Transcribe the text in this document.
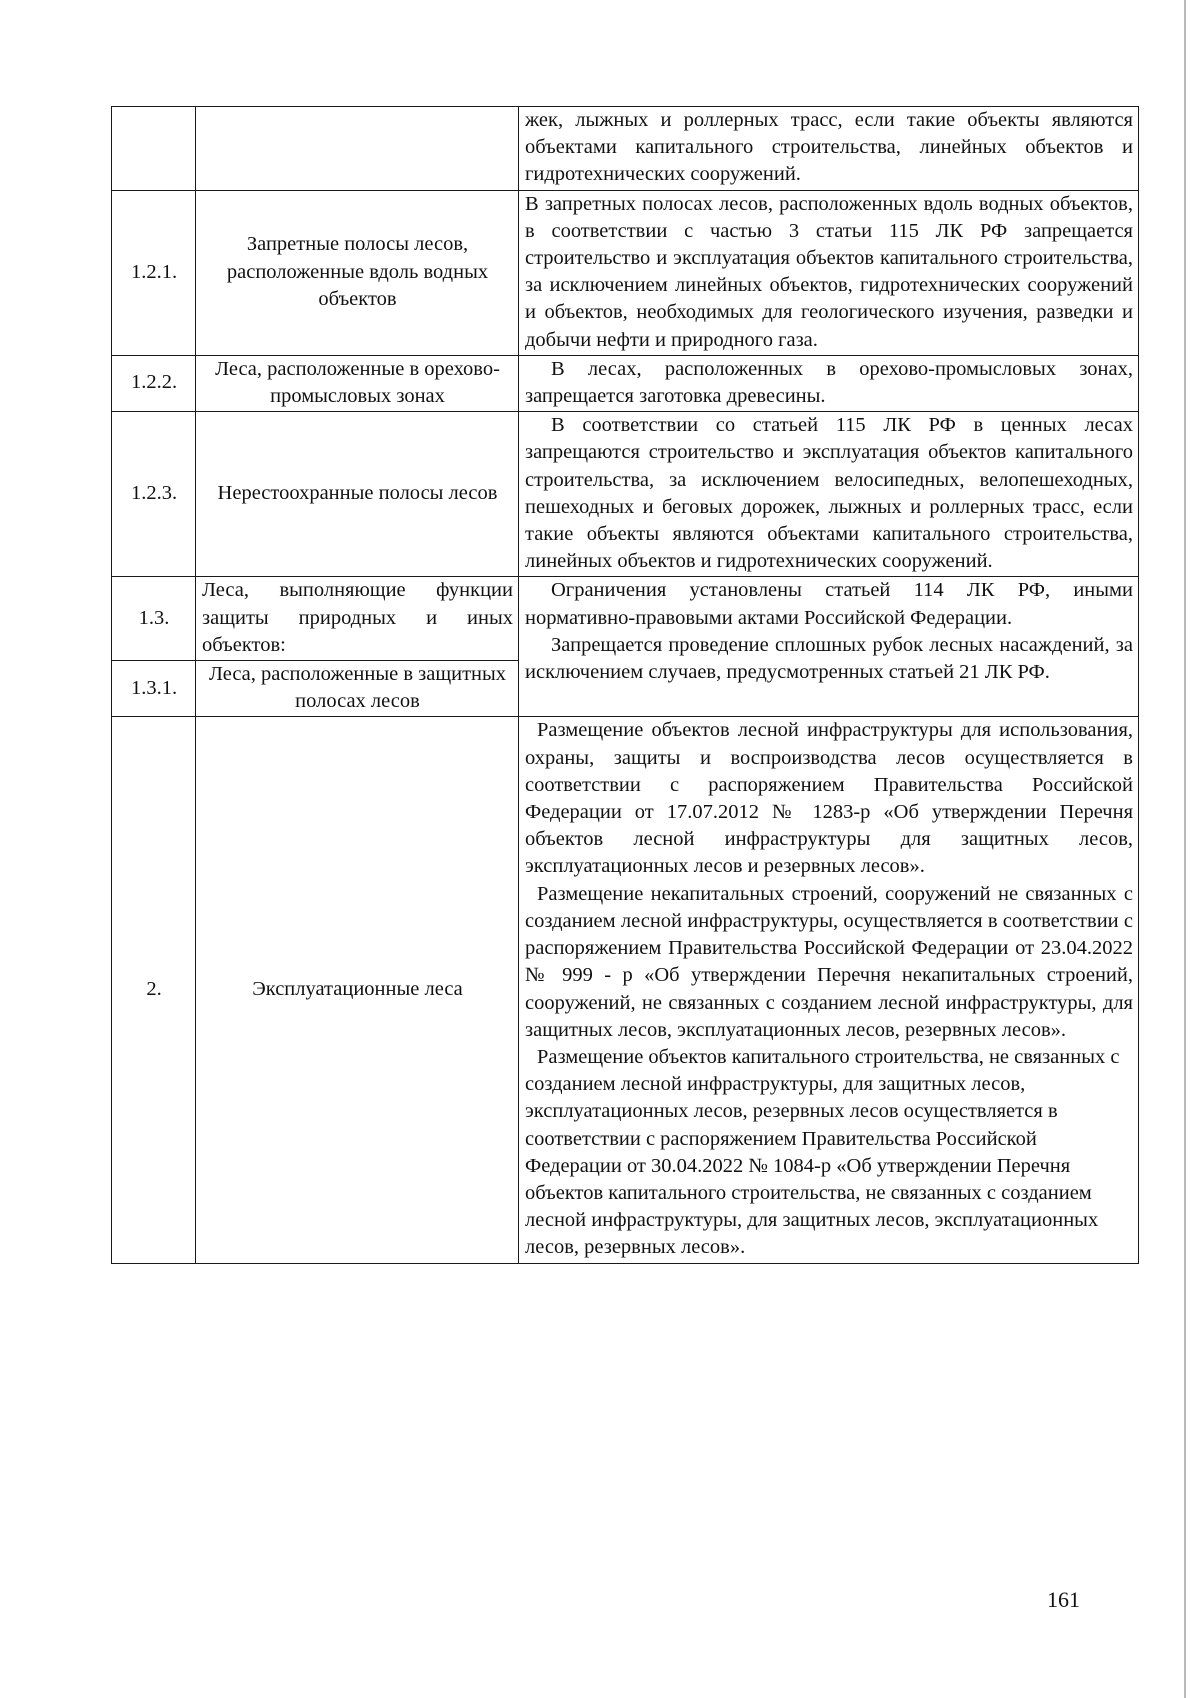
		жек, лыжных и роллерных трасс, если такие объекты являются объектами капитального строительства, линейных объектов и гидротехнических сооружений.
1.2.1.	Запретные полосы лесов, расположенные вдоль водных объектов	В запретных полосах лесов, расположенных вдоль водных объектов, в соответствии с частью 3 статьи 115 ЛК РФ запрещается строительство и эксплуатация объектов капитального строительства, за исключением линейных объектов, гидротехнических сооружений и объектов, необходимых для геологического изучения, разведки и добычи нефти и природного газа.
1.2.2.	Леса, расположенные в орехово-промысловых зонах	В лесах, расположенных в орехово-промысловых зонах, запрещается заготовка древесины.

1.2.3.	Нерестоохранные полосы лесов	В соответствии со статьей 115 ЛК РФ в ценных лесах запрещаются строительство и эксплуатация объектов капитального строительства, за исключением велосипедных, велопешеходных, пешеходных и беговых дорожек, лыжных и роллерных трасс, если такие объекты являются объектами капитального строительства, линейных объектов и гидротехнических сооружений.

1.3.	Леса, выполняющие функции защиты природных и иных объектов:	Ограничения установлены статьей 114 ЛК РФ, иными нормативно-правовыми актами Российской Федерации.
Запрещается проведение сплошных рубок лесных насаждений, за исключением случаев, предусмотренных статьей 21 ЛК РФ.

1.3.1.	Леса, расположенные в защитных полосах лесов	
2.	Эксплуатационные леса	Размещение объектов лесной инфраструктуры для использования, охраны, защиты и воспроизводства лесов осуществляется в соответствии с распоряжением Правительства Российской Федерации от 17.07.2012 № 1283-р «Об утверждении Перечня объектов лесной инфраструктуры для защитных лесов, эксплуатационных лесов и резервных лесов».
Размещение некапитальных строений, сооружений не связанных с созданием лесной инфраструктуры, осуществляется в соответствии с распоряжением Правительства Российской Федерации от 23.04.2022 № 999 - р «Об утверждении Перечня некапитальных строений, сооружений, не связанных с созданием лесной инфраструктуры, для защитных лесов, эксплуатационных лесов, резервных лесов».
Размещение объектов капитального строительства, не связанных с созданием лесной инфраструктуры, для защитных лесов, эксплуатационных лесов, резервных лесов осуществляется в соответствии с распоряжением Правительства Российской Федерации от 30.04.2022 № 1084-р «Об утверждении Перечня объектов капитального строительства, не связанных с созданием лесной инфраструктуры, для защитных лесов, эксплуатационных лесов, резервных лесов».
161
